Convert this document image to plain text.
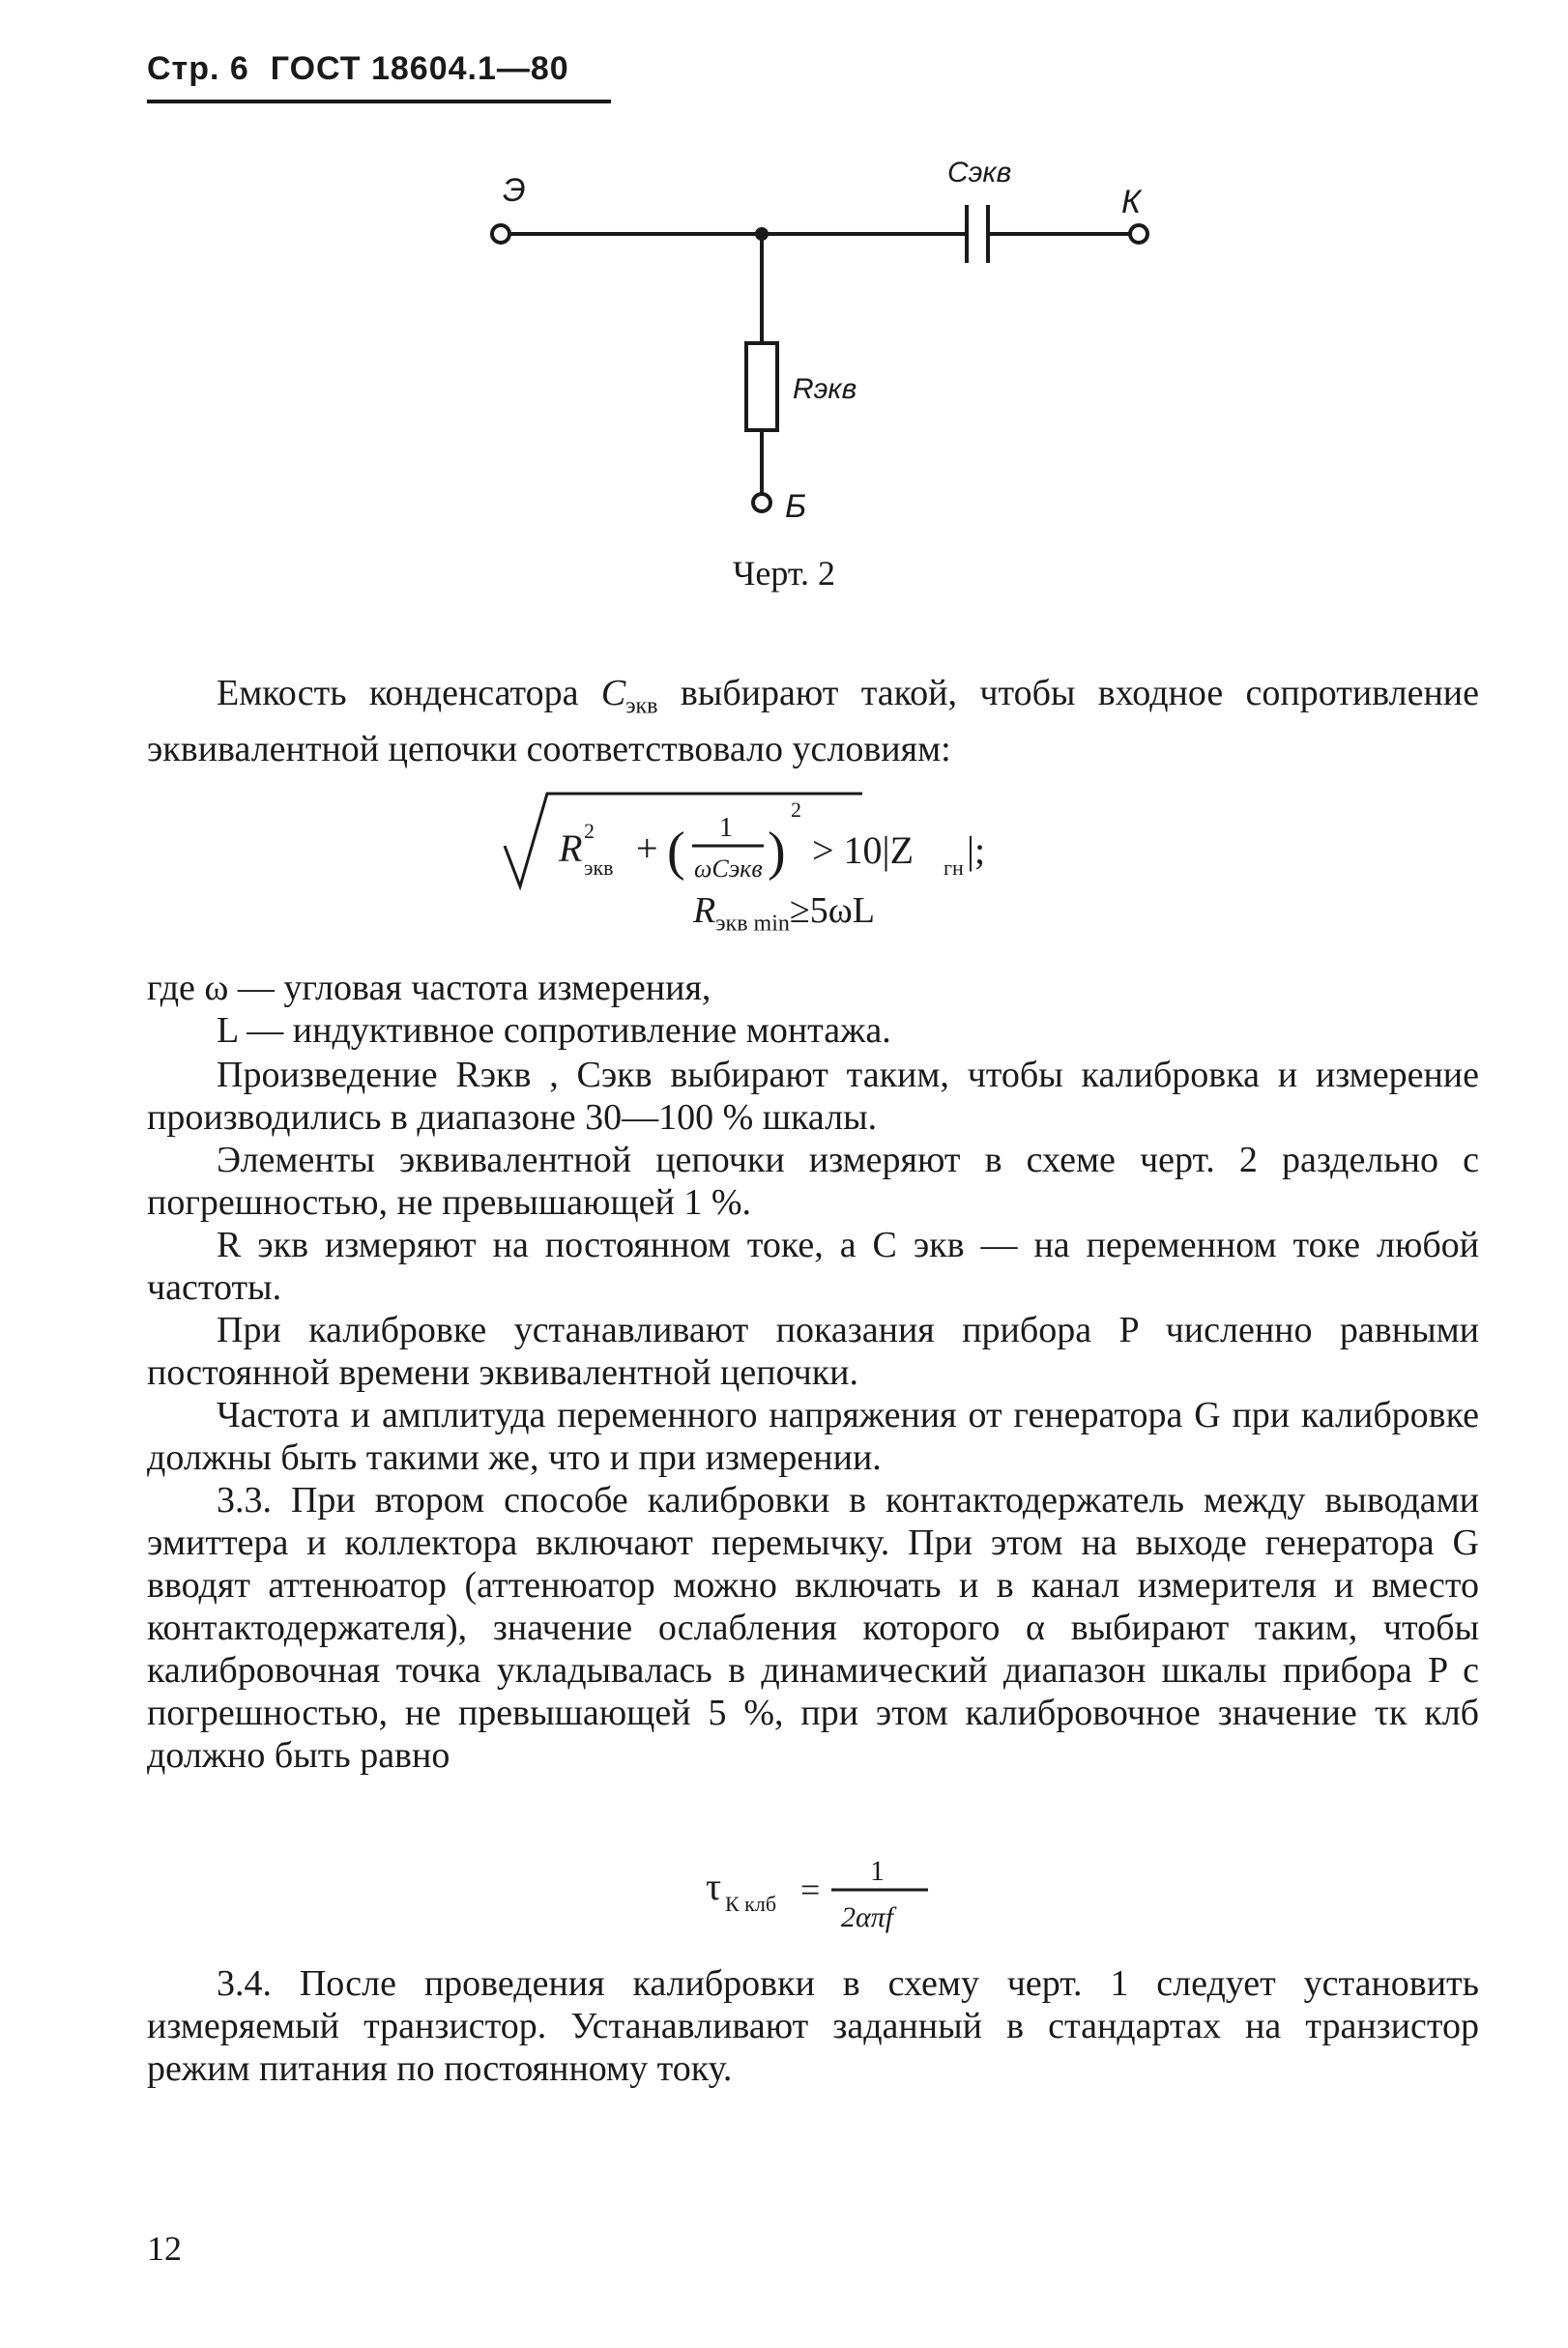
Стр. 6 ГОСТ 18604.1—80
Э	К
Cэкв
Rэкв
Б
Черт. 2

Емкость конденсатора $C_{экв}$ выбирают такой, чтобы входное сопротивление эквивалентной цепочки соответствовало условиям:

R 2
экв + ( 1
ωCэкв )
2
> 10|Z гн |;
$R_{экв min}\ge 5\omega L$

где ω — угловая частота измерения,

L — индуктивное сопротивление монтажа.

Произведение Rэкв , Cэкв выбирают таким, чтобы калибровка и измерение производились в диапазоне 30—100 % шкалы.

Элементы эквивалентной цепочки измеряют в схеме черт. 2 раздельно с погрешностью, не превышающей 1 %.

R экв измеряют на постоянном токе, а C экв — на переменном токе любой частоты.

При калибровке устанавливают показания прибора P численно равными постоянной времени эквивалентной цепочки.

Частота и амплитуда переменного напряжения от генератора G при калибровке должны быть такими же, что и при измерении.

3.3. При втором способе калибровки в контактодержатель между выводами эмиттера и коллектора включают перемычку. При этом на выходе генератора G вводят аттенюатор (аттенюатор можно включать и в канал измерителя и вместо контактодержателя), значение ослабления которого α выбирают таким, чтобы калибровочная точка укладывалась в динамический диапазон шкалы прибора P с погрешностью, не превышающей 5 %, при этом калибровочное значение τк клб должно быть равно

τ К клб = 1
2απf

3.4. После проведения калибровки в схему черт. 1 следует установить измеряемый транзистор. Устанавливают заданный в стандартах на транзистор режим питания по постоянному току.

12
